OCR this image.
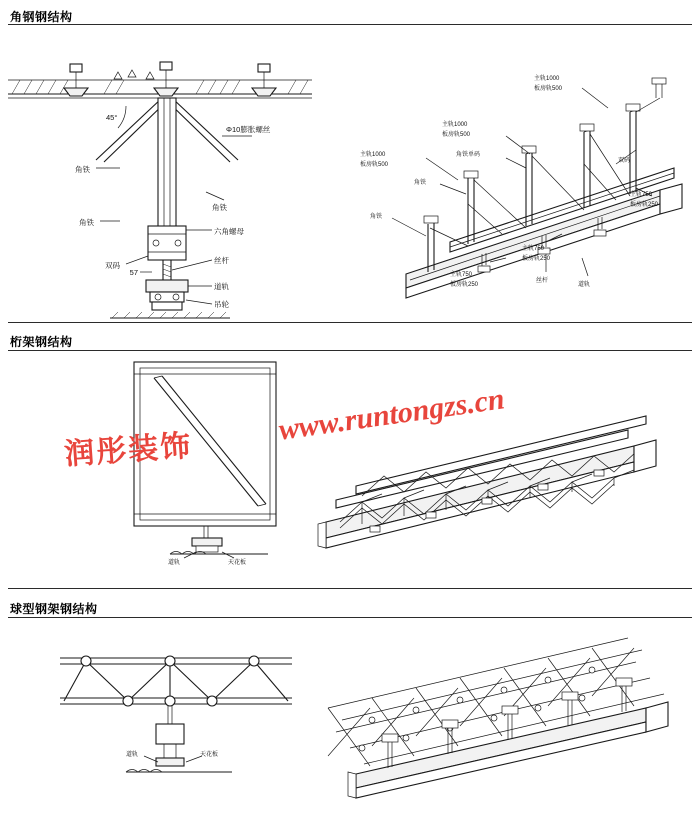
角钢钢结构
45°
Φ10膨胀螺丝
角铁
角铁
角铁
六角螺母
双码
丝杆
57
道轨
吊轮
主轨1000
板房轨500
主轨1000
板房轨500
主轨1000
板房轨500
角铁单码
角铁
角铁
双码
主轨750
板房轨250
主轨750
板房轨250
主轨750
板房轨250
丝杆
道轨
桁架钢结构
道轨	天花板
球型钢架钢结构
道轨	天花板
润彤装饰
www.runtongzs.cn
